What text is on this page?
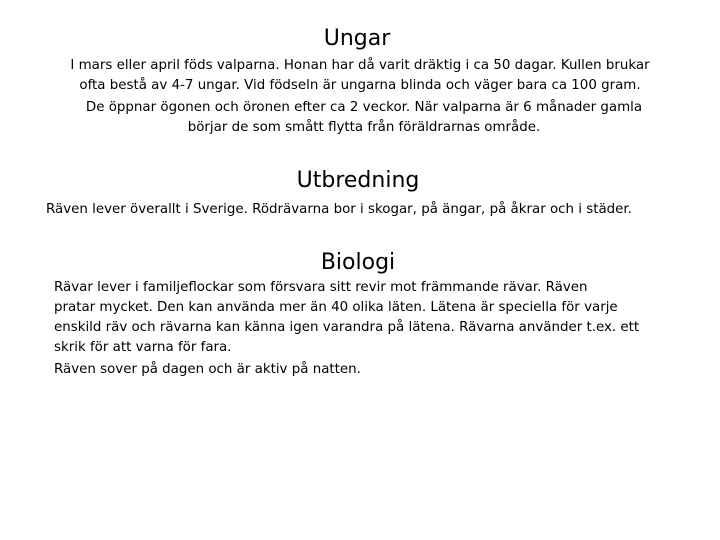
Ungar

I mars eller april föds valparna. Honan har då varit dräktig i ca 50 dagar. Kullen brukar
ofta bestå av 4-7 ungar. Vid födseln är ungarna blinda och väger bara ca 100 gram.

De öppnar ögonen och öronen efter ca 2 veckor. När valparna är 6 månader gamla
börjar de som smått flytta från föräldrarnas område.

Utbredning

Räven lever överallt i Sverige. Rödrävarna bor i skogar, på ängar, på åkrar och i städer.

Biologi

Rävar lever i familjeflockar som försvara sitt revir mot främmande rävar. Räven
pratar mycket. Den kan använda mer än 40 olika läten. Lätena är speciella för varje
enskild räv och rävarna kan känna igen varandra på lätena. Rävarna använder t.ex. ett
skrik för att varna för fara.

Räven sover på dagen och är aktiv på natten.
